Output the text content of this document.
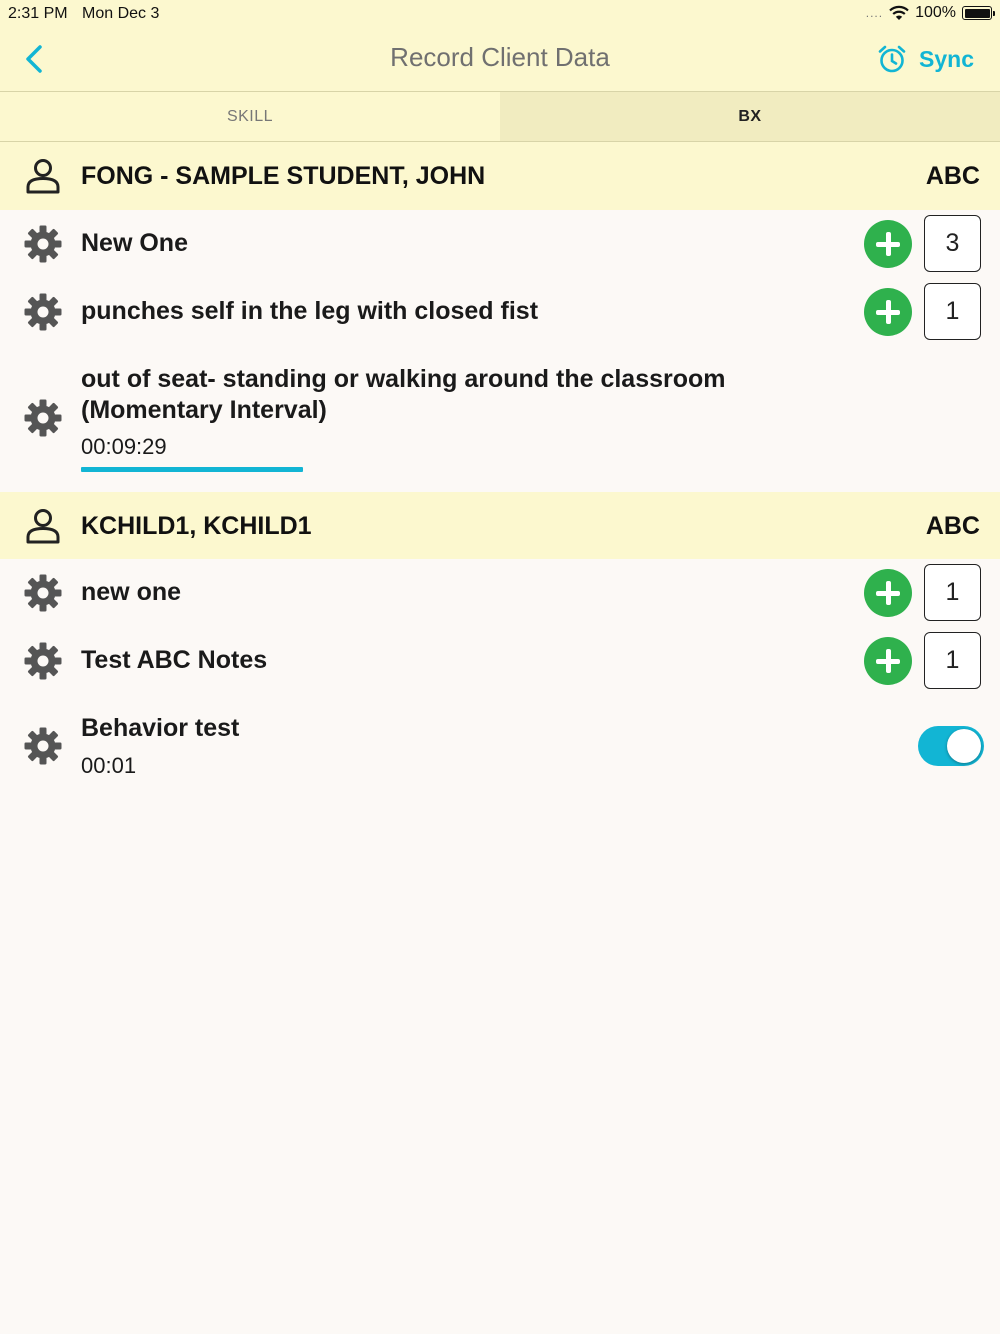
2:31 PM Mon Dec 3	.... 100%
Record Client Data	Sync
SKILL	BX
FONG - SAMPLE STUDENT, JOHN	ABC
New One	3
punches self in the leg with closed fist	1
out of seat- standing or walking around the classroom
(Momentary Interval)
00:09:29
KCHILD1, KCHILD1	ABC
new one	1
Test ABC Notes	1
Behavior test
00:01
